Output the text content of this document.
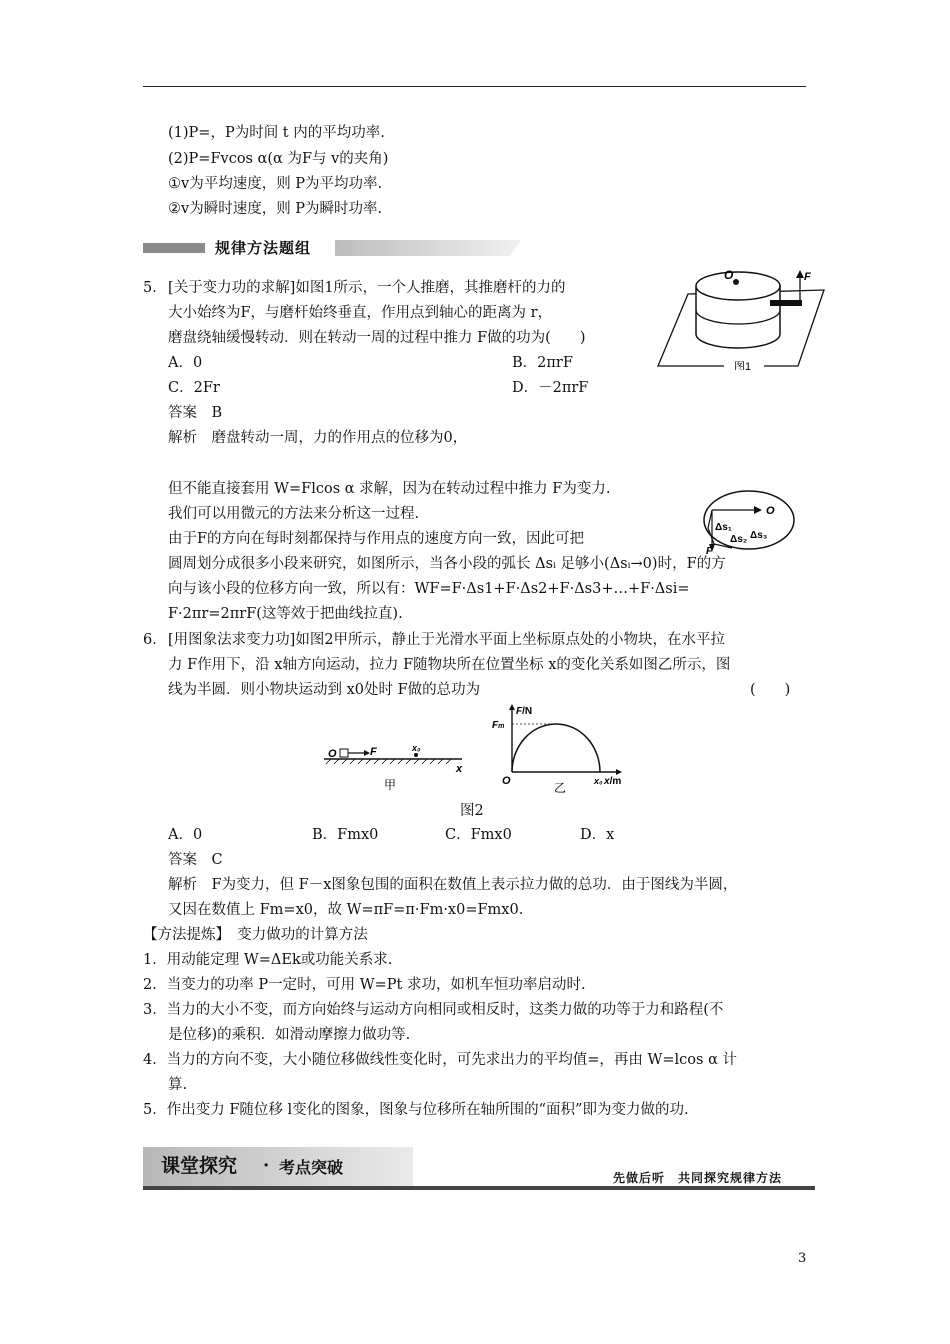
(1)P=，P为时间 t 内的平均功率.
(2)P=Fvcos α(α 为F与 v的夹角)
①v为平均速度，则 P为平均功率.
②v为瞬时速度，则 P为瞬时功率.
规律方法题组
5． [关于变力功的求解]如图1所示，一个人推磨，其推磨杆的力的
大小始终为F，与磨杆始终垂直，作用点到轴心的距离为 r，
磨盘绕轴缓慢转动．则在转动一周的过程中推力 F做的功为(　　)
A．0	B．2πrF
C．2Fr	D．－2πrF
答案　B
解析　磨盘转动一周，力的作用点的位移为0，
但不能直接套用 W=Flcos α 求解，因为在转动过程中推力 F为变力.
我们可以用微元的方法来分析这一过程.
由于F的方向在每时刻都保持与作用点的速度方向一致，因此可把
圆周划分成很多小段来研究，如图所示，当各小段的弧长 Δsᵢ 足够小(Δsᵢ→0)时，F的方
向与该小段的位移方向一致，所以有：WF=F·Δs1+F·Δs2+F·Δs3+…+F·Δsi=
F·2πr=2πrF(这等效于把曲线拉直).
O	F
图1
O
F
Δs₁
Δs₂ Δs₃
6． [用图象法求变力功]如图2甲所示，静止于光滑水平面上坐标原点处的小物块，在水平拉
力 F作用下，沿 x轴方向运动，拉力 F随物块所在位置坐标 x的变化关系如图乙所示，图
线为半圆．则小物块运动到 x0处时 F做的总功为	(　　)
x
O	F	x₀
甲
F/N
Fm
O	x₀ x/m
乙
图2
A．0	B．Fmx0	C．Fmx0	D．x
答案　C
解析　F为变力，但 F－x图象包围的面积在数值上表示拉力做的总功．由于图线为半圆，
又因在数值上 Fm=x0，故 W=πF=π·Fm·x0=Fmx0.
【方法提炼】　变力做功的计算方法
1．用动能定理 W=ΔEk或功能关系求.
2．当变力的功率 P一定时，可用 W=Pt 求功，如机车恒功率启动时.
3．当力的大小不变，而方向始终与运动方向相同或相反时，这类力做的功等于力和路程(不
是位移)的乘积．如滑动摩擦力做功等.
4．当力的方向不变，大小随位移做线性变化时，可先求出力的平均值=，再由 W=lcos α 计
算.
5．作出变力 F随位移 l变化的图象，图象与位移所在轴所围的“面积”即为变力做的功.
课堂探究 · 考点突破
先做后听　共同探究规律方法
3
